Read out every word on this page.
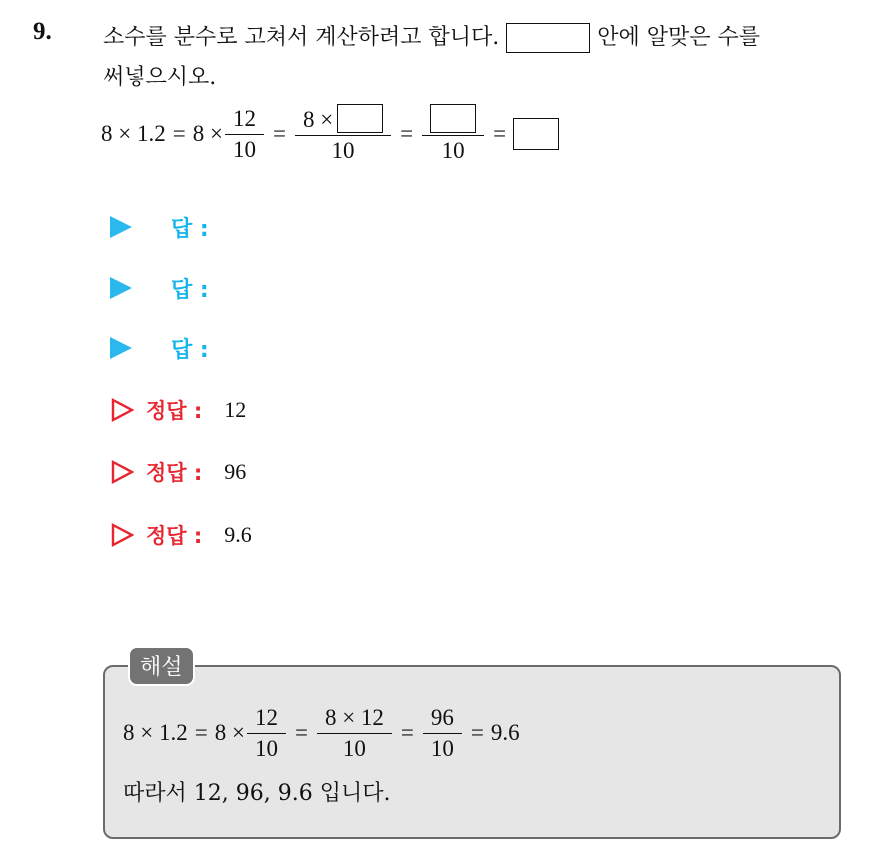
9. 소수를 분수로 고쳐서 계산하려고 합니다.	안에 알맞은 수를
써넣으시오.
$8 \times 1.2 = 8 \times \frac{12}{10} = \frac{8 \times}{10}$ =
10
=
답 :
답 :
답 :
정답 : 12
정답 : 96
정답 : 9.6
해설
$8 \times 1.2 = 8 \times \frac{12}{10} = \frac{8 \times 12}{10} = \frac{96}{10} = 9.6$
따라서 12, 96, 9.6 입니다.
